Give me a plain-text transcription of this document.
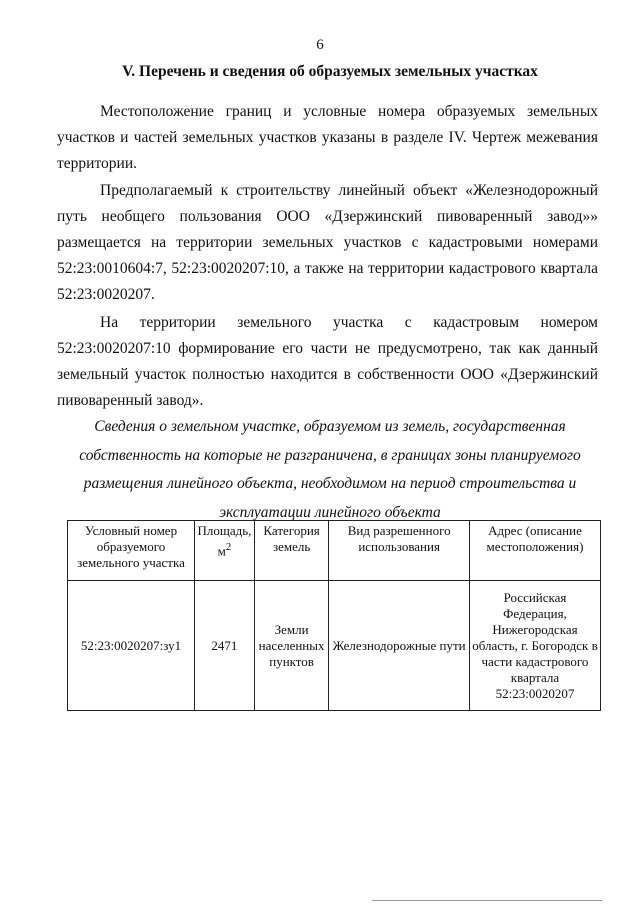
6
V. Перечень и сведения об образуемых земельных участках

Местоположение границ и условные номера образуемых земельных участков и частей земельных участков указаны в разделе IV. Чертеж межевания территории.

Предполагаемый к строительству линейный объект «Железнодорожный путь необщего пользования ООО «Дзержинский пивоваренный завод»» размещается на территории земельных участков с кадастровыми номерами 52:23:0010604:7, 52:23:0020207:10, а также на территории кадастрового квартала 52:23:0020207.

На территории земельного участка с кадастровым номером 52:23:0020207:10 формирование его части не предусмотрено, так как данный земельный участок полностью находится в собственности ООО «Дзержинский пивоваренный завод».

Сведения о земельном участке, образуемом из земель, государственная собственность на которые не разграничена, в границах зоны планируемого размещения линейного объекта, необходимом на период строительства и эксплуатации линейного объекта
Условный номер образуемого земельного участка	Площадь, $м^2$	Категория земель	Вид разрешенного использования	Адрес (описание местоположения)
52:23:0020207:зу1	2471	Земли населенных пунктов	Железнодорожные пути	Российская Федерация, Нижегородская область, г. Богородск в части кадастрового квартала 52:23:0020207
